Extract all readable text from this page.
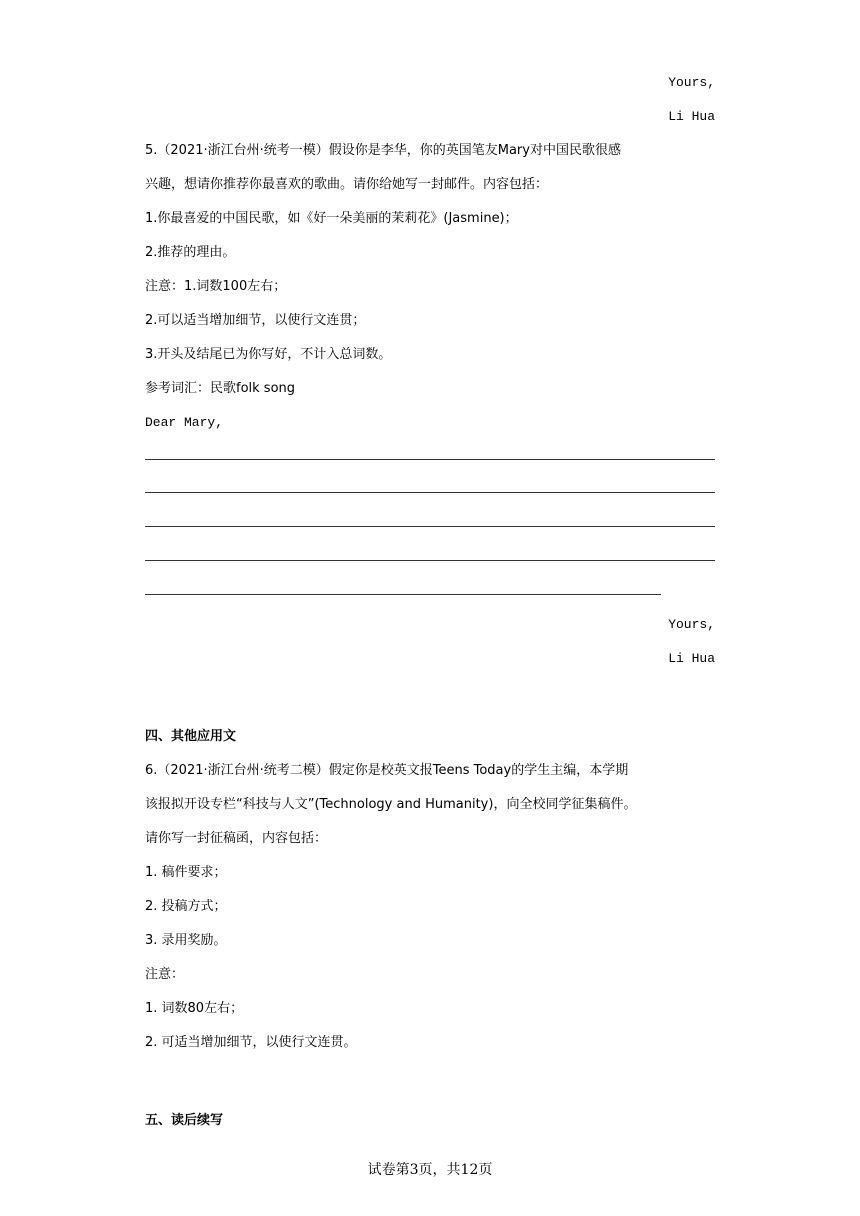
Yours,
Li Hua
5.（2021·浙江台州·统考一模）假设你是李华，你的英国笔友Mary对中国民歌很感
兴趣，想请你推荐你最喜欢的歌曲。请你给她写一封邮件。内容包括：
1.你最喜爱的中国民歌，如《好一朵美丽的茉莉花》(Jasmine)；
2.推荐的理由。
注意：1.词数100左右；
2.可以适当增加细节，以使行文连贯；
3.开头及结尾已为你写好，不计入总词数。
参考词汇：民歌folk song
Dear Mary,
Yours,
Li Hua
四、其他应用文
6.（2021·浙江台州·统考二模）假定你是校英文报Teens Today的学生主编，本学期
该报拟开设专栏“科技与人文”(Technology and Humanity)，向全校同学征集稿件。
请你写一封征稿函，内容包括：
1. 稿件要求；
2. 投稿方式；
3. 录用奖励。
注意：
1. 词数80左右；
2. 可适当增加细节，以使行文连贯。
五、读后续写
试卷第3页，共12页
